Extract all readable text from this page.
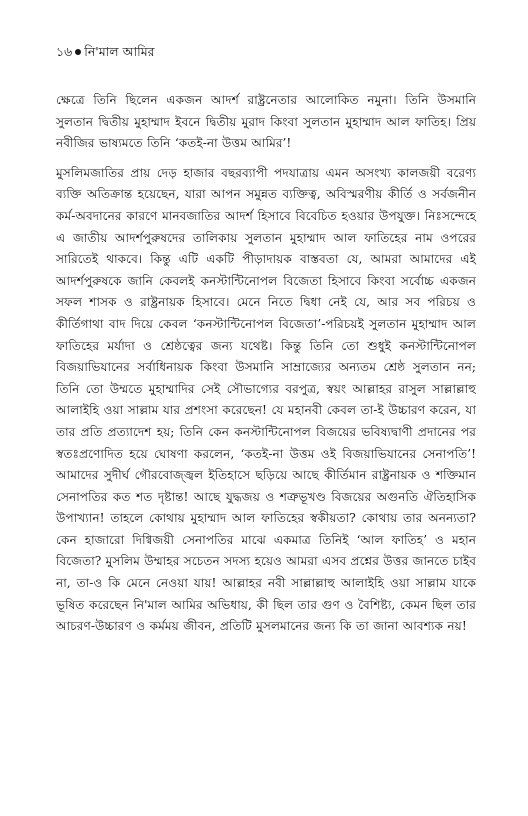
১৬ নি'মাল আমির

ক্ষেত্রে তিনি ছিলেন একজন আদর্শ রাষ্ট্রনেতার আলোকিত নমুনা। তিনি উসমানি সুলতান দ্বিতীয় মুহাম্মাদ ইবনে দ্বিতীয় মুরাদ কিংবা সুলতান মুহাম্মাদ আল ফাতিহ। প্রিয় নবীজির ভাষ্যমতে তিনি ‘কতই-না উত্তম আমির’!

মুসলিমজাতির প্রায় দেড় হাজার বছরব্যাপী পদযাত্রায় এমন অসংখ্য কালজয়ী বরেণ্য ব্যক্তি অতিক্রান্ত হয়েছেন, যারা আপন সমুন্নত ব্যক্তিত্ব, অবিস্মরণীয় কীর্তি ও সর্বজনীন কর্ম-অবদানের কারণে মানবজাতির আদর্শ হিসাবে বিবেচিত হওয়ার উপযুক্ত। নিঃসন্দেহে এ জাতীয় আদর্শপুরুষদের তালিকায় সুলতান মুহাম্মাদ আল ফাতিহের নাম ওপরের সারিতেই থাকবে। কিন্তু এটি একটি পীড়াদায়ক বাস্তবতা যে, আমরা আমাদের এই আদর্শপুরুষকে জানি কেবলই কনস্টান্টিনোপল বিজেতা হিসাবে কিংবা সর্বোচ্চ একজন সফল শাসক ও রাষ্ট্রনায়ক হিসাবে। মেনে নিতে দ্বিধা নেই যে, আর সব পরিচয় ও কীর্তিগাথা বাদ দিয়ে কেবল ‘কনস্টান্টিনোপল বিজেতা’-পরিচয়ই সুলতান মুহাম্মাদ আল ফাতিহের মর্যাদা ও শ্রেষ্ঠত্বের জন্য যথেষ্ট। কিন্তু তিনি তো শুধুই কনস্টান্টিনোপল বিজয়াভিযানের সর্বাধিনায়ক কিংবা উসমানি সাম্রাজ্যের অন্যতম শ্রেষ্ঠ সুলতান নন; তিনি তো উম্মতে মুহাম্মাদির সেই সৌভাগ্যের বরপুত্র, স্বয়ং আল্লাহর রাসুল সাল্লাল্লাহু আলাইহি ওয়া সাল্লাম যার প্রশংসা করেছেন! যে মহানবী কেবল তা-ই উচ্চারণ করেন, যা তার প্রতি প্রত্যাদেশ হয়; তিনি কেন কনস্টান্টিনোপল বিজয়ের ভবিষ্যদ্বাণী প্রদানের পর স্বতঃপ্রণোদিত হয়ে ঘোষণা করলেন, ‘কতই-না উত্তম ওই বিজয়াভিযানের সেনাপতি’! আমাদের সুদীর্ঘ গৌরবোজ্জ্বল ইতিহাসে ছড়িয়ে আছে কীর্তিমান রাষ্ট্রনায়ক ও শক্তিমান সেনাপতির কত শত দৃষ্টান্ত! আছে যুদ্ধজয় ও শত্রুভূখণ্ড বিজয়ের অগুনতি ঐতিহাসিক উপাখ্যান! তাহলে কোথায় মুহাম্মাদ আল ফাতিহের স্বকীয়তা? কোথায় তার অনন্যতা? কেন হাজারো দিগ্বিজয়ী সেনাপতির মাঝে একমাত্র তিনিই ‘আল ফাতিহ’ ও মহান বিজেতা? মুসলিম উম্মাহর সচেতন সদস্য হয়েও আমরা এসব প্রশ্নের উত্তর জানতে চাইব না, তা-ও কি মেনে নেওয়া যায়! আল্লাহর নবী সাল্লাল্লাহু আলাইহি ওয়া সাল্লাম যাকে ভূষিত করেছেন নি'মাল আমির অভিধায়, কী ছিল তার গুণ ও বৈশিষ্ট্য, কেমন ছিল তার আচরণ-উচ্চারণ ও কর্মময় জীবন, প্রতিটি মুসলমানের জন্য কি তা জানা আবশ্যক নয়!
